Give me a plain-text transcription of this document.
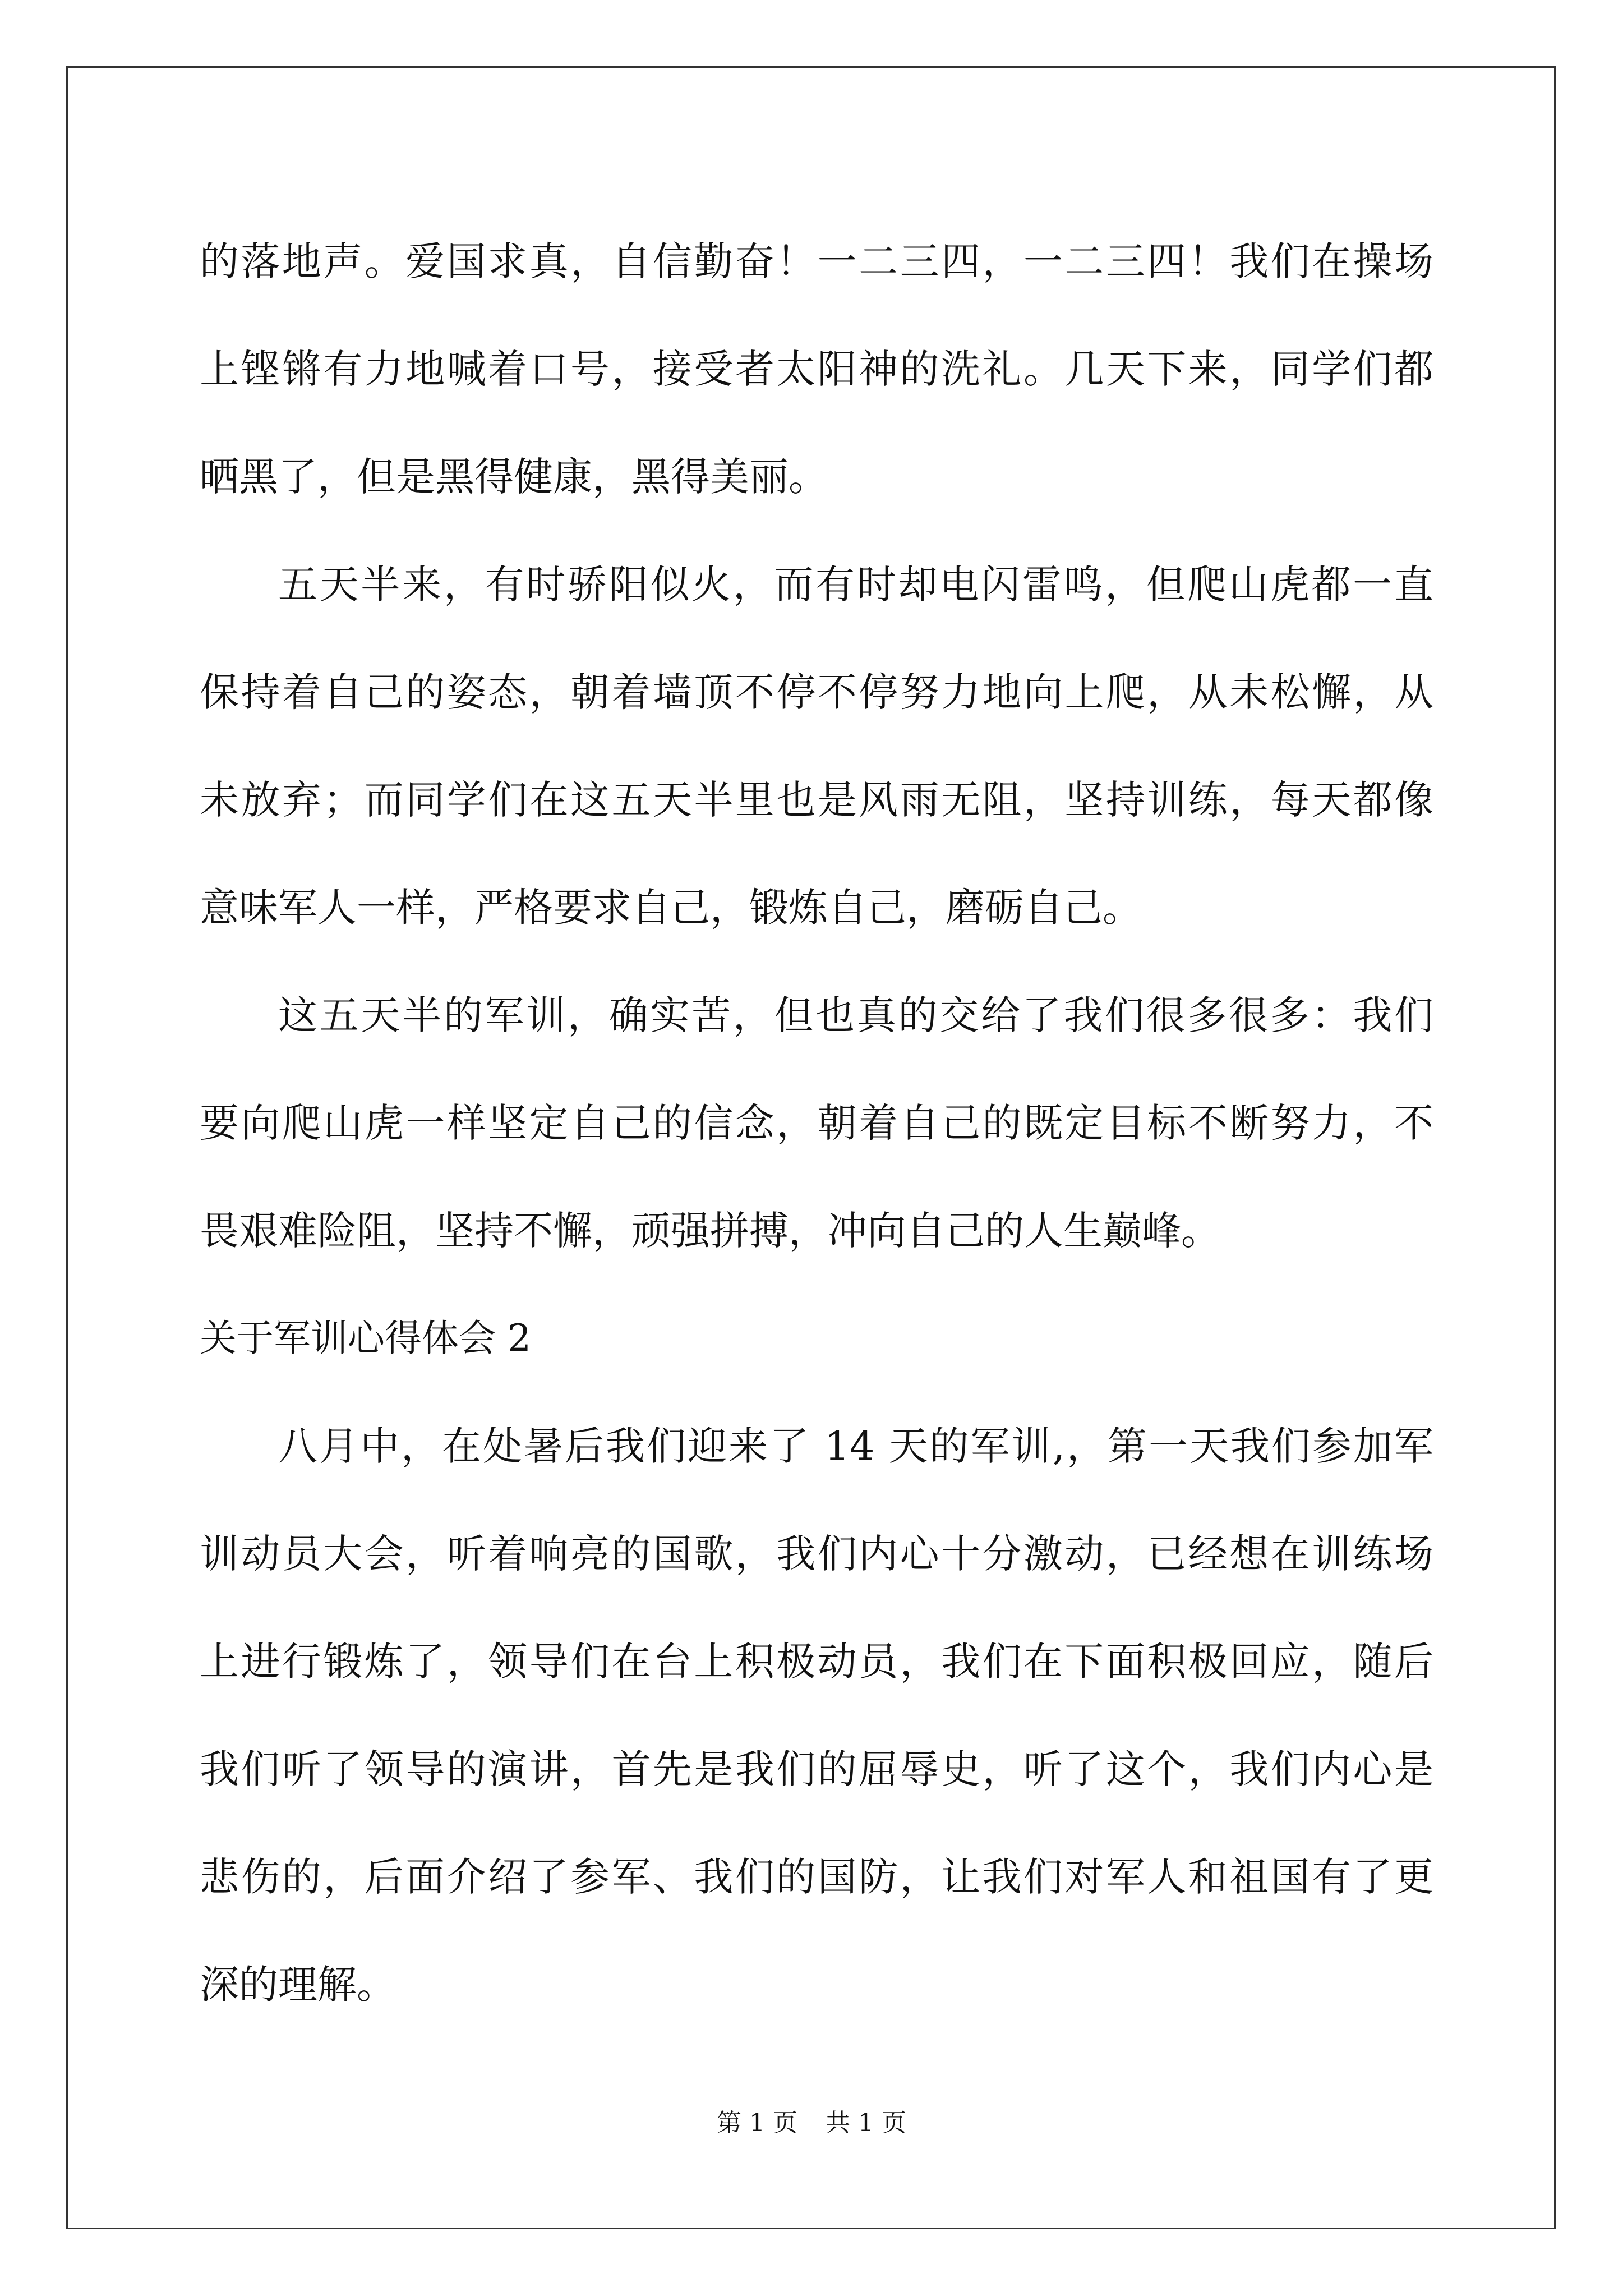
的落地声。爱国求真，自信勤奋！一二三四，一二三四！我们在操场
上铿锵有力地喊着口号，接受者太阳神的洗礼。几天下来，同学们都
晒黑了，但是黑得健康，黑得美丽。
五天半来，有时骄阳似火，而有时却电闪雷鸣，但爬山虎都一直
保持着自己的姿态，朝着墙顶不停不停努力地向上爬，从未松懈，从
未放弃；而同学们在这五天半里也是风雨无阻，坚持训练，每天都像
意味军人一样，严格要求自己，锻炼自己，磨砺自己。
这五天半的军训，确实苦，但也真的交给了我们很多很多：我们
要向爬山虎一样坚定自己的信念，朝着自己的既定目标不断努力，不
畏艰难险阻，坚持不懈，顽强拼搏，冲向自己的人生巅峰。
关于军训心得体会 2
八月中，在处暑后我们迎来了 14 天的军训,，第一天我们参加军
训动员大会，听着响亮的国歌，我们内心十分激动，已经想在训练场
上进行锻炼了，领导们在台上积极动员，我们在下面积极回应，随后
我们听了领导的演讲，首先是我们的屈辱史，听了这个，我们内心是
悲伤的，后面介绍了参军、我们的国防，让我们对军人和祖国有了更
深的理解。
第 1 页 共 1 页
